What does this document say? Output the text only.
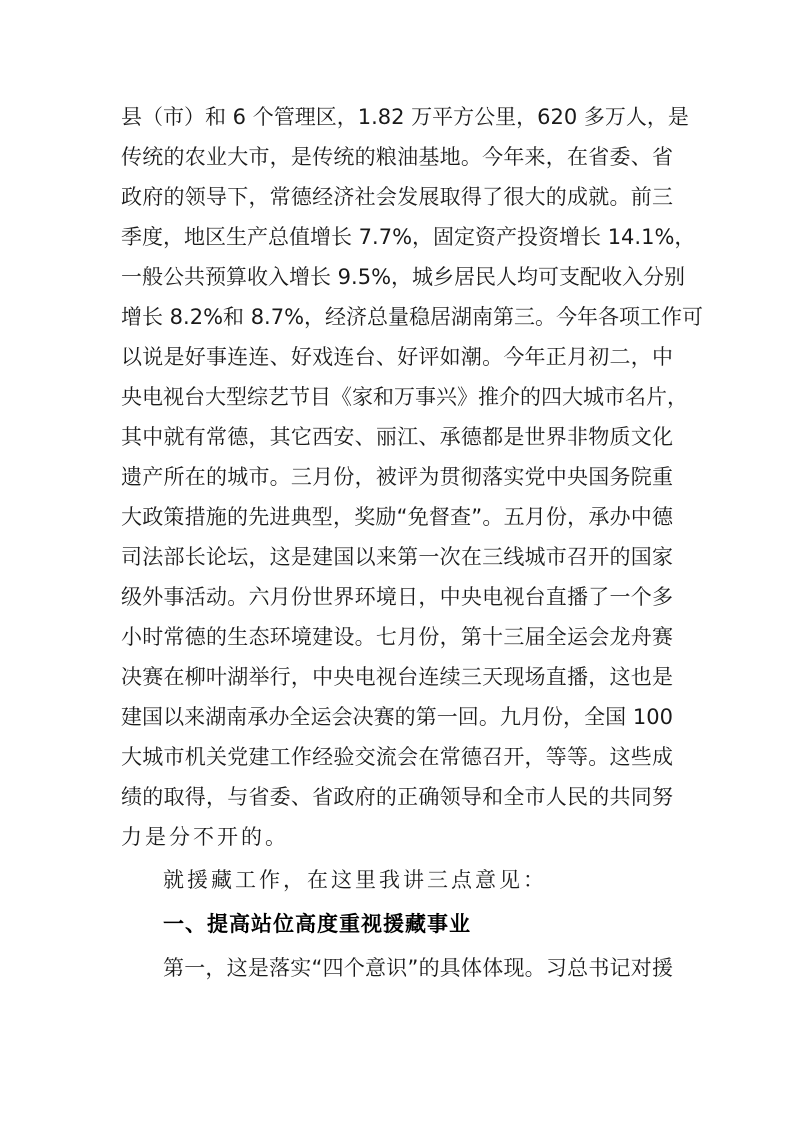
县（市）和 6 个管理区，1.82 万平方公里，620 多万人，是
传统的农业大市，是传统的粮油基地。今年来，在省委、省
政府的领导下，常德经济社会发展取得了很大的成就。前三
季度，地区生产总值增长 7.7%，固定资产投资增长 14.1%，
一般公共预算收入增长 9.5%，城乡居民人均可支配收入分别
增长 8.2%和 8.7%，经济总量稳居湖南第三。今年各项工作可
以说是好事连连、好戏连台、好评如潮。今年正月初二，中
央电视台大型综艺节目《家和万事兴》推介的四大城市名片，
其中就有常德，其它西安、丽江、承德都是世界非物质文化
遗产所在的城市。三月份，被评为贯彻落实党中央国务院重
大政策措施的先进典型，奖励“免督查”。五月份，承办中德
司法部长论坛，这是建国以来第一次在三线城市召开的国家
级外事活动。六月份世界环境日，中央电视台直播了一个多
小时常德的生态环境建设。七月份，第十三届全运会龙舟赛
决赛在柳叶湖举行，中央电视台连续三天现场直播，这也是
建国以来湖南承办全运会决赛的第一回。九月份，全国 100
大城市机关党建工作经验交流会在常德召开，等等。这些成
绩的取得，与省委、省政府的正确领导和全市人民的共同努
力是分不开的。
就援藏工作，在这里我讲三点意见：
一、提高站位高度重视援藏事业
第一，这是落实“四个意识”的具体体现。习总书记对援
